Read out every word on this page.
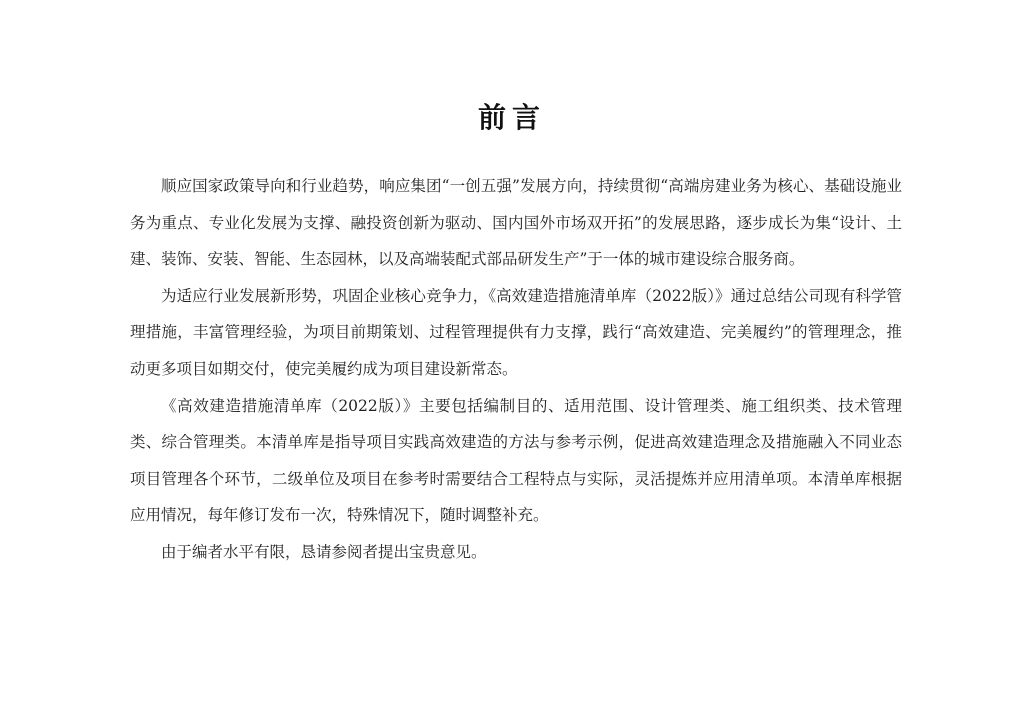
前言

顺应国家政策导向和行业趋势，响应集团“一创五强”发展方向，持续贯彻“高端房建业务为核心、基础设施业务为重点、专业化发展为支撑、融投资创新为驱动、国内国外市场双开拓”的发展思路，逐步成长为集“设计、土建、装饰、安装、智能、生态园林，以及高端装配式部品研发生产”于一体的城市建设综合服务商。

为适应行业发展新形势，巩固企业核心竞争力，《高效建造措施清单库（2022版）》通过总结公司现有科学管理措施，丰富管理经验，为项目前期策划、过程管理提供有力支撑，践行“高效建造、完美履约”的管理理念，推动更多项目如期交付，使完美履约成为项目建设新常态。

《高效建造措施清单库（2022版）》主要包括编制目的、适用范围、设计管理类、施工组织类、技术管理类、综合管理类。本清单库是指导项目实践高效建造的方法与参考示例，促进高效建造理念及措施融入不同业态项目管理各个环节，二级单位及项目在参考时需要结合工程特点与实际，灵活提炼并应用清单项。本清单库根据应用情况，每年修订发布一次，特殊情况下，随时调整补充。

由于编者水平有限，恳请参阅者提出宝贵意见。
